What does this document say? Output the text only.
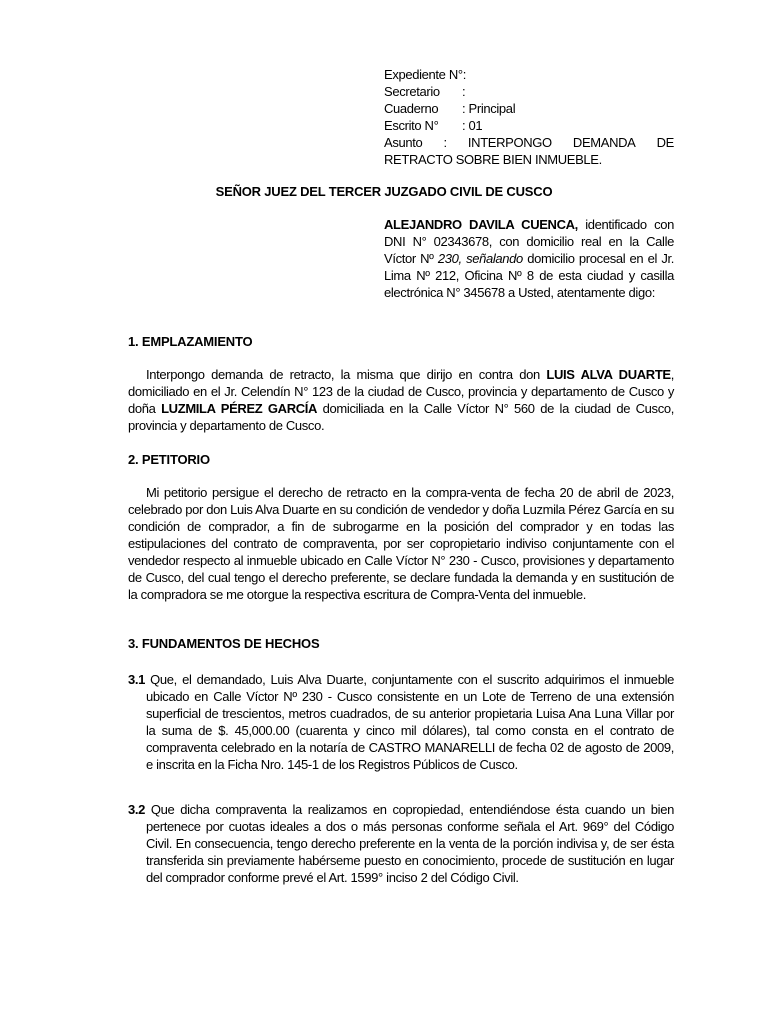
Expediente N°:
Secretario	:
Cuaderno	: Principal
Escrito N°	: 01
Asunto : INTERPONGO DEMANDA DE
RETRACTO SOBRE BIEN INMUEBLE.
SEÑOR JUEZ DEL TERCER JUZGADO CIVIL DE CUSCO
ALEJANDRO DAVILA CUENCA, identificado con DNI N° 02343678, con domicilio real en la Calle Víctor Nº 230, señalando domicilio procesal en el Jr. Lima Nº 212, Oficina Nº 8 de esta ciudad y casilla electrónica N° 345678 a Usted, atentamente digo:
1. EMPLAZAMIENTO
Interpongo demanda de retracto, la misma que dirijo en contra don LUIS ALVA DUARTE, domiciliado en el Jr. Celendín N° 123 de la ciudad de Cusco, provincia y departamento de Cusco y doña LUZMILA PÉREZ GARCÍA domiciliada en la Calle Víctor N° 560 de la ciudad de Cusco, provincia y departamento de Cusco.
2. PETITORIO
Mi petitorio persigue el derecho de retracto en la compra-venta de fecha 20 de abril de 2023, celebrado por don Luis Alva Duarte en su condición de vendedor y doña Luzmila Pérez García en su condición de comprador, a fin de subrogarme en la posición del comprador y en todas las estipulaciones del contrato de compraventa, por ser copropietario indiviso conjuntamente con el vendedor respecto al inmueble ubicado en Calle Víctor N° 230 - Cusco, provisiones y departamento de Cusco, del cual tengo el derecho preferente, se declare fundada la demanda y en sustitución de la compradora se me otorgue la respectiva escritura de Compra-Venta del inmueble.
3. FUNDAMENTOS DE HECHOS
3.1 Que, el demandado, Luis Alva Duarte, conjuntamente con el suscrito adquirimos el inmueble ubicado en Calle Víctor Nº 230 - Cusco consistente en un Lote de Terreno de una extensión superficial de trescientos, metros cuadrados, de su anterior propietaria Luisa Ana Luna Villar por la suma de $. 45,000.00 (cuarenta y cinco mil dólares), tal como consta en el contrato de compraventa celebrado en la notaría de CASTRO MANARELLI de fecha 02 de agosto de 2009, e inscrita en la Ficha Nro. 145-1 de los Registros Públicos de Cusco.
3.2 Que dicha compraventa la realizamos en copropiedad, entendiéndose ésta cuando un bien pertenece por cuotas ideales a dos o más personas conforme señala el Art. 969° del Código Civil. En consecuencia, tengo derecho preferente en la venta de la porción indivisa y, de ser ésta transferida sin previamente habérseme puesto en conocimiento, procede de sustitución en lugar del comprador conforme prevé el Art. 1599° inciso 2 del Código Civil.
